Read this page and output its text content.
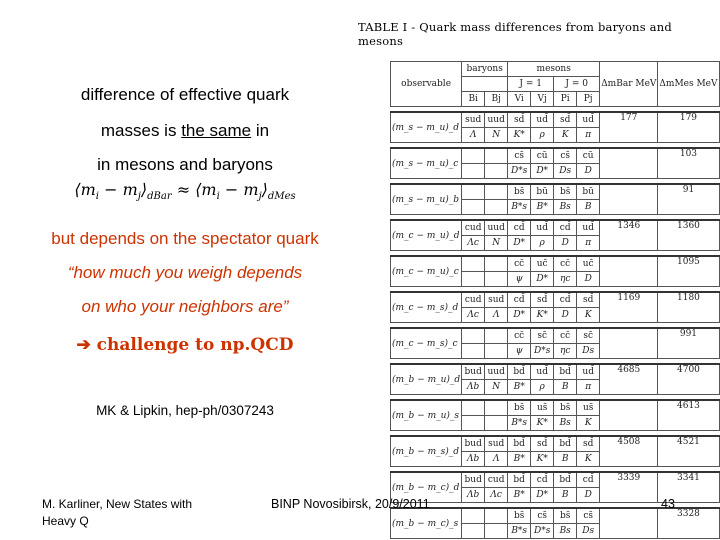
difference of effective quark
masses is the same in
in mesons and baryons
$⟨m_i$ − $m_j⟩_{dBar}$ ≈ $⟨m_i$ − $m_j⟩_{dMes}$
but depends on the spectator quark
“how much you weigh depends
on who your neighbors are”
➔ challenge to np.QCD
MK & Lipkin, hep-ph/0307243
TABLE I - Quark mass differences from baryons and mesons
observable	baryons		mesons				ΔmBar MeV	ΔmMes MeV
			J = 1		J = 0			
	Bi	Bj	Vi	Vj	Pi	Pj		

(m_s − m_u)_d	sud	uud	sd̄	ud̄	sd̄	ud̄	177	179
	Λ	N	K*	ρ	K	π		

(m_s − m_u)_c			cs̄	cū	cs̄	cū		103
			D*s	D*	Ds	D		

(m_s − m_u)_b			bs̄	bū	bs̄	bū		91
			B*s	B*	Bs	B		

(m_c − m_u)_d	cud	uud	cd̄	ud̄	cd̄	ud̄	1346	1360
	Λc	N	D*	ρ	D	π		

(m_c − m_u)_c			cc̄	uc̄	cc̄	uc̄		1095
			ψ	D*	ηc	D		

(m_c − m_s)_d	cud	sud	cd̄	sd̄	cd̄	sd̄	1169	1180
	Λc	Λ	D*	K*	D	K		

(m_c − m_s)_c			cc̄	sc̄	cc̄	sc̄		991
			ψ	D*s	ηc	Ds		

(m_b − m_u)_d	bud	uud	bd̄	ud̄	bd̄	ud̄	4685	4700
	Λb	N	B*	ρ	B	π		

(m_b − m_u)_s			bs̄	us̄	bs̄	us̄		4613
			B*s	K*	Bs	K		

(m_b − m_s)_d	bud	sud	bd̄	sd̄	bd̄	sd̄	4508	4521
	Λb	Λ	B*	K*	B	K		

(m_b − m_c)_d	bud	cud	bd̄	cd̄	bd̄	cd̄	3339	3341
	Λb	Λc	B*	D*	B	D		

(m_b − m_c)_s			bs̄	cs̄	bs̄	cs̄		3328
			B*s	D*s	Bs	Ds		
M. Karliner, New States with
Heavy Q
BINP Novosibirsk, 20/9/2011	43
